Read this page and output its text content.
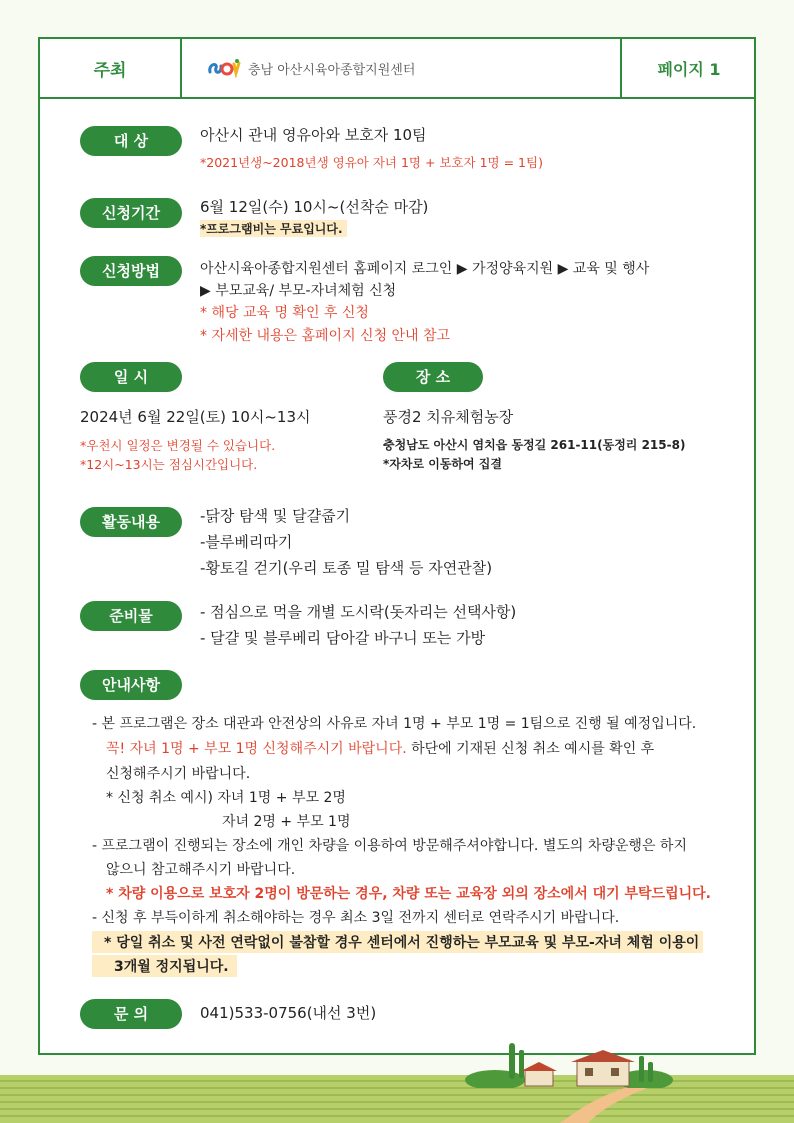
주최	충남 아산시육아종합지원센터	페이지 1
대 상	아산시 관내 영유아와 보호자 10팀
*2021년생~2018년생 영유아 자녀 1명 + 보호자 1명 = 1팀)
신청기간	6월 12일(수) 10시~(선착순 마감)
*프로그램비는 무료입니다.
신청방법	아산시육아종합지원센터 홈페이지 로그인 ▶ 가정양육지원 ▶ 교육 및 행사
▶ 부모교육/ 부모-자녀체험 신청
* 해당 교육 명 확인 후 신청
* 자세한 내용은 홈페이지 신청 안내 참고
일 시
2024년 6월 22일(토) 10시~13시
*우천시 일정은 변경될 수 있습니다.
*12시~13시는 점심시간입니다.
장 소
풍경2 치유체험농장
충청남도 아산시 염치읍 동정길 261-11(동정리 215-8)
*자차로 이동하여 집결
활동내용	-닭장 탐색 및 달걀줍기
-블루베리따기
-황토길 걷기(우리 토종 밀 탐색 등 자연관찰)
준비물	- 점심으로 먹을 개별 도시락(돗자리는 선택사항)
- 달걀 및 블루베리 담아갈 바구니 또는 가방
안내사항
- 본 프로그램은 장소 대관과 안전상의 사유로 자녀 1명 + 부모 1명 = 1팀으로 진행 될 예정입니다.
꼭! 자녀 1명 + 부모 1명 신청해주시기 바랍니다. 하단에 기재된 신청 취소 예시를 확인 후
신청해주시기 바랍니다.
* 신청 취소 예시) 자녀 1명 + 부모 2명
자녀 2명 + 부모 1명
- 프로그램이 진행되는 장소에 개인 차량을 이용하여 방문해주셔야합니다. 별도의 차량운행은 하지
않으니 참고해주시기 바랍니다.
* 차량 이용으로 보호자 2명이 방문하는 경우, 차량 또는 교육장 외의 장소에서 대기 부탁드립니다.
- 신청 후 부득이하게 취소해야하는 경우 최소 3일 전까지 센터로 연락주시기 바랍니다.
* 당일 취소 및 사전 연락없이 불참할 경우 센터에서 진행하는 부모교육 및 부모-자녀 체험 이용이
3개월 정지됩니다.
문 의	041)533-0756(내선 3번)
